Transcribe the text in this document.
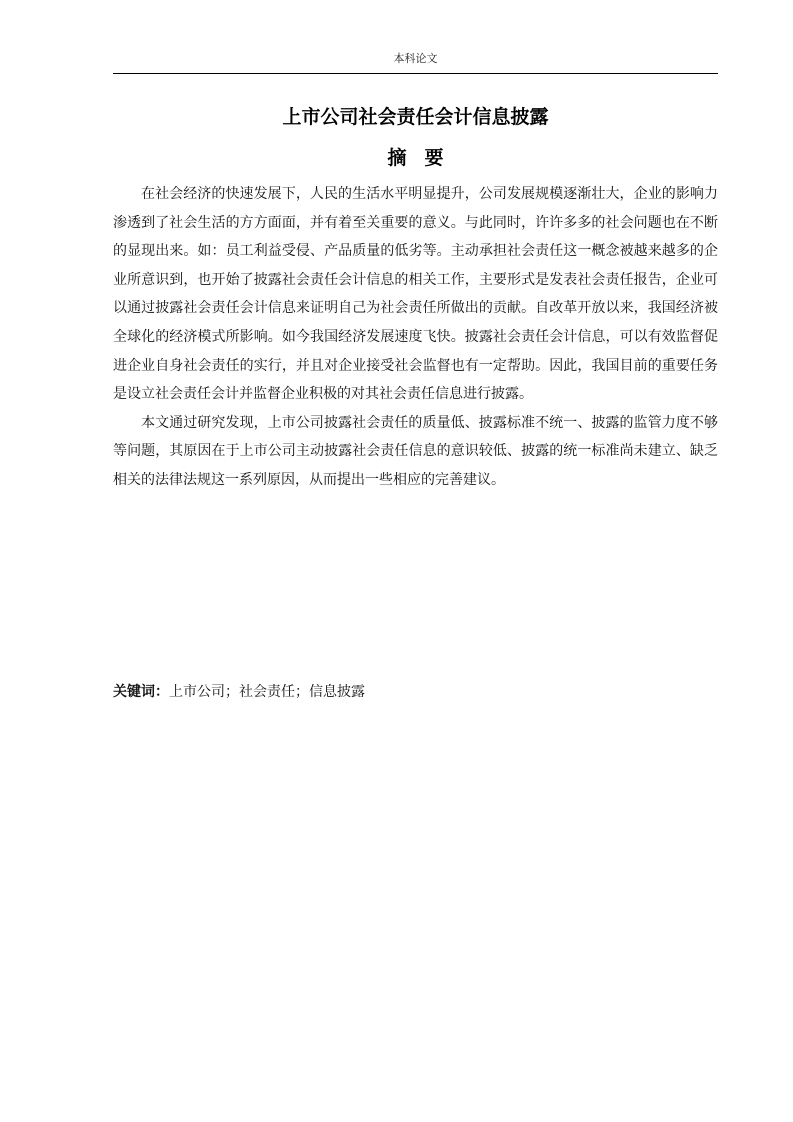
本科论文
上市公司社会责任会计信息披露
摘要

在社会经济的快速发展下，人民的生活水平明显提升，公司发展规模逐渐壮大，企业的影响力渗透到了社会生活的方方面面，并有着至关重要的意义。与此同时，许许多多的社会问题也在不断的显现出来。如：员工利益受侵、产品质量的低劣等。主动承担社会责任这一概念被越来越多的企业所意识到，也开始了披露社会责任会计信息的相关工作，主要形式是发表社会责任报告，企业可以通过披露社会责任会计信息来证明自己为社会责任所做出的贡献。自改革开放以来，我国经济被全球化的经济模式所影响。如今我国经济发展速度飞快。披露社会责任会计信息，可以有效监督促进企业自身社会责任的实行，并且对企业接受社会监督也有一定帮助。因此，我国目前的重要任务是设立社会责任会计并监督企业积极的对其社会责任信息进行披露。

本文通过研究发现，上市公司披露社会责任的质量低、披露标准不统一、披露的监管力度不够等问题，其原因在于上市公司主动披露社会责任信息的意识较低、披露的统一标准尚未建立、缺乏相关的法律法规这一系列原因，从而提出一些相应的完善建议。

关键词：上市公司；社会责任；信息披露
